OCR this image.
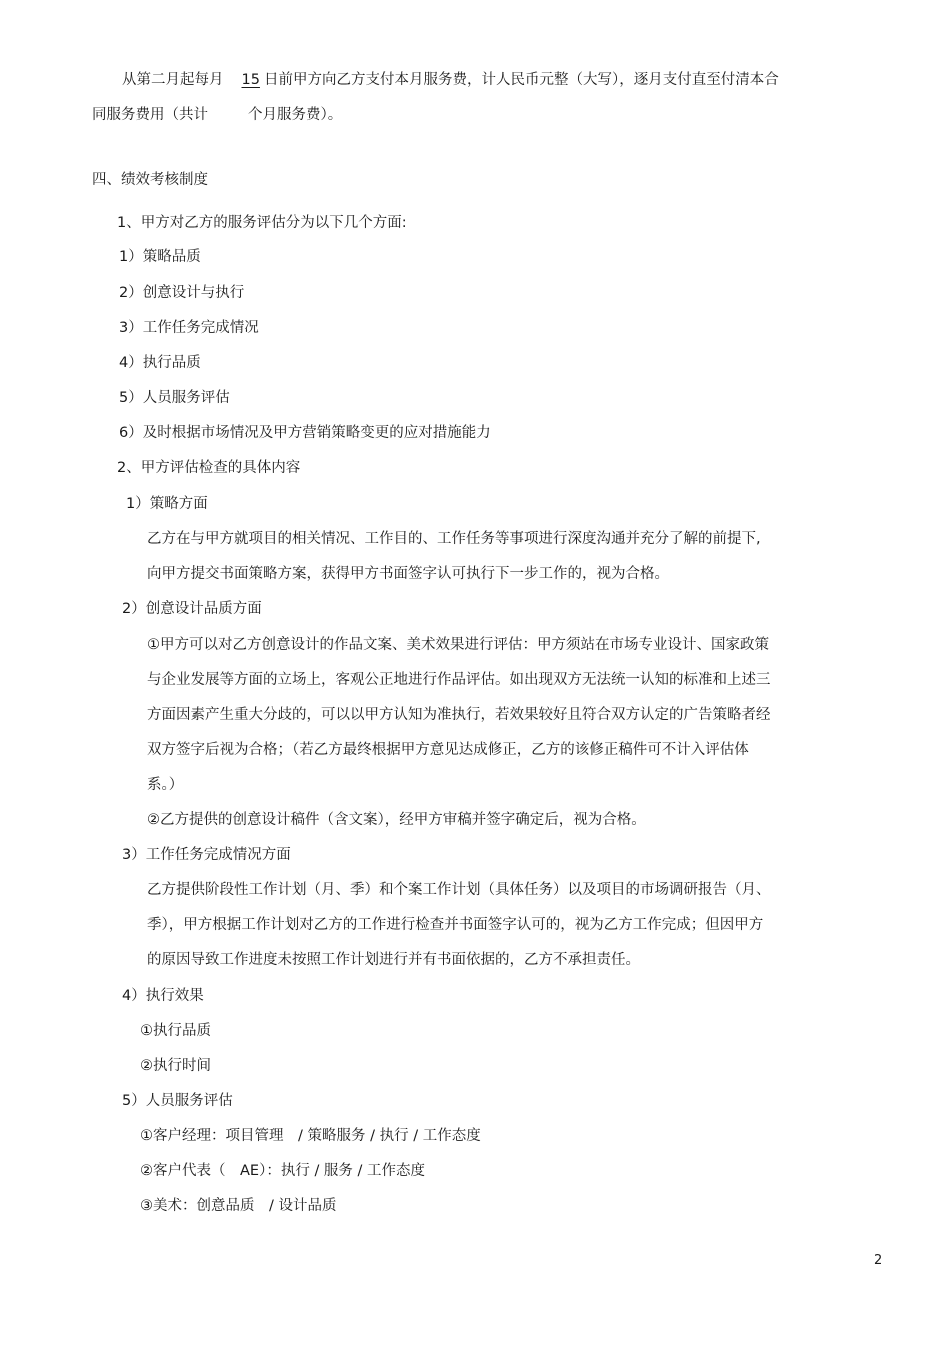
从第二月起每月 15 日前甲方向乙方支付本月服务费，计人民币元整（大写），逐月支付直至付清本合
同服务费用（共计	个月服务费）。
四、绩效考核制度
1、甲方对乙方的服务评估分为以下几个方面:
1）策略品质
2）创意设计与执行
3）工作任务完成情况
4）执行品质
5）人员服务评估
6）及时根据市场情况及甲方营销策略变更的应对措施能力
2、甲方评估检查的具体内容
1）策略方面
乙方在与甲方就项目的相关情况、工作目的、工作任务等事项进行深度沟通并充分了解的前提下,
向甲方提交书面策略方案，获得甲方书面签字认可执行下一步工作的，视为合格。
2）创意设计品质方面
①甲方可以对乙方创意设计的作品文案、美术效果进行评估：甲方须站在市场专业设计、国家政策
与企业发展等方面的立场上，客观公正地进行作品评估。如出现双方无法统一认知的标准和上述三
方面因素产生重大分歧的，可以以甲方认知为准执行，若效果较好且符合双方认定的广告策略者经
双方签字后视为合格；（若乙方最终根据甲方意见达成修正，乙方的该修正稿件可不计入评估体
系。）
②乙方提供的创意设计稿件（含文案），经甲方审稿并签字确定后，视为合格。
3）工作任务完成情况方面
乙方提供阶段性工作计划（月、季）和个案工作计划（具体任务）以及项目的市场调研报告（月、
季），甲方根据工作计划对乙方的工作进行检查并书面签字认可的，视为乙方工作完成；但因甲方
的原因导致工作进度未按照工作计划进行并有书面依据的，乙方不承担责任。
4）执行效果
①执行品质
②执行时间
5）人员服务评估
①客户经理：项目管理　/ 策略服务 / 执行 / 工作态度
②客户代表（　AE）：执行 / 服务 / 工作态度
③美术：创意品质　/ 设计品质
2
